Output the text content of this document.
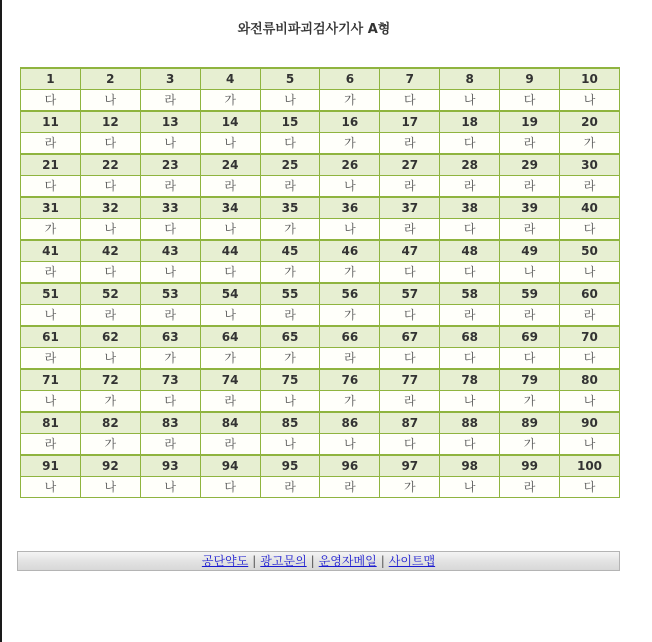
와전류비파괴검사기사 A형
1	2	3	4	5	6	7	8	9	10
다	나	라	가	나	가	다	나	다	나
11	12	13	14	15	16	17	18	19	20
라	다	나	나	다	가	라	다	라	가
21	22	23	24	25	26	27	28	29	30
다	다	라	라	라	나	라	라	라	라
31	32	33	34	35	36	37	38	39	40
가	나	다	나	가	나	라	다	라	다
41	42	43	44	45	46	47	48	49	50
라	다	나	다	가	가	다	다	나	나
51	52	53	54	55	56	57	58	59	60
나	라	라	나	라	가	다	라	라	라
61	62	63	64	65	66	67	68	69	70
라	나	가	가	가	라	다	다	다	다
71	72	73	74	75	76	77	78	79	80
나	가	다	라	나	가	라	나	가	나
81	82	83	84	85	86	87	88	89	90
라	가	라	라	나	나	다	다	가	나
91	92	93	94	95	96	97	98	99	100
나	나	나	다	라	라	가	나	라	다
공단약도 | 광고문의 | 운영자메일 | 사이트맵
